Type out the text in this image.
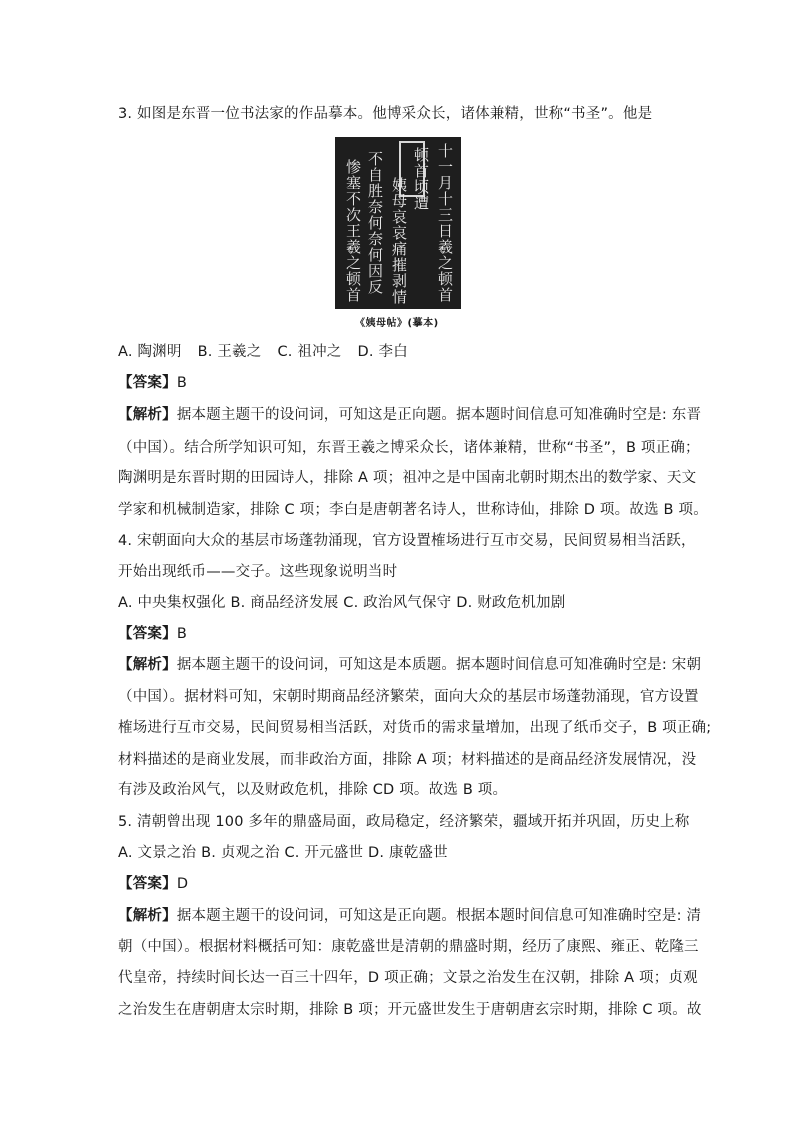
3. 如图是东晋一位书法家的作品摹本。他博采众长，诸体兼精，世称“书圣”。他是
十一月十三日羲之顿首
顿首顷遭
姨母哀哀痛摧剥情
不自胜奈何奈何因反
惨塞不次王羲之顿首
《姨母帖》(摹本)
A. 陶渊明 B. 王羲之 C. 祖冲之 D. 李白
【答案】B
【解析】据本题主题干的设问词，可知这是正向题。据本题时间信息可知准确时空是: 东晋
（中国）。结合所学知识可知，东晋王羲之博采众长，诸体兼精，世称“书圣”，B 项正确；
陶渊明是东晋时期的田园诗人，排除 A 项；祖冲之是中国南北朝时期杰出的数学家、天文
学家和机械制造家，排除 C 项；李白是唐朝著名诗人，世称诗仙，排除 D 项。故选 B 项。
4. 宋朝面向大众的基层市场蓬勃涌现，官方设置榷场进行互市交易，民间贸易相当活跃，
开始出现纸币——交子。这些现象说明当时
A. 中央集权强化 B. 商品经济发展 C. 政治风气保守 D. 财政危机加剧
【答案】B
【解析】据本题主题干的设问词，可知这是本质题。据本题时间信息可知准确时空是: 宋朝
（中国）。据材料可知，宋朝时期商品经济繁荣，面向大众的基层市场蓬勃涌现，官方设置
榷场进行互市交易，民间贸易相当活跃，对货币的需求量增加，出现了纸币交子，B 项正确;
材料描述的是商业发展，而非政治方面，排除 A 项；材料描述的是商品经济发展情况，没
有涉及政治风气，以及财政危机，排除 CD 项。故选 B 项。
5. 清朝曾出现 100 多年的鼎盛局面，政局稳定，经济繁荣，疆域开拓并巩固，历史上称
A. 文景之治 B. 贞观之治 C. 开元盛世 D. 康乾盛世
【答案】D
【解析】据本题主题干的设问词，可知这是正向题。根据本题时间信息可知准确时空是: 清
朝（中国）。根据材料概括可知：康乾盛世是清朝的鼎盛时期，经历了康熙、雍正、乾隆三
代皇帝，持续时间长达一百三十四年，D 项正确；文景之治发生在汉朝，排除 A 项；贞观
之治发生在唐朝唐太宗时期，排除 B 项；开元盛世发生于唐朝唐玄宗时期，排除 C 项。故
